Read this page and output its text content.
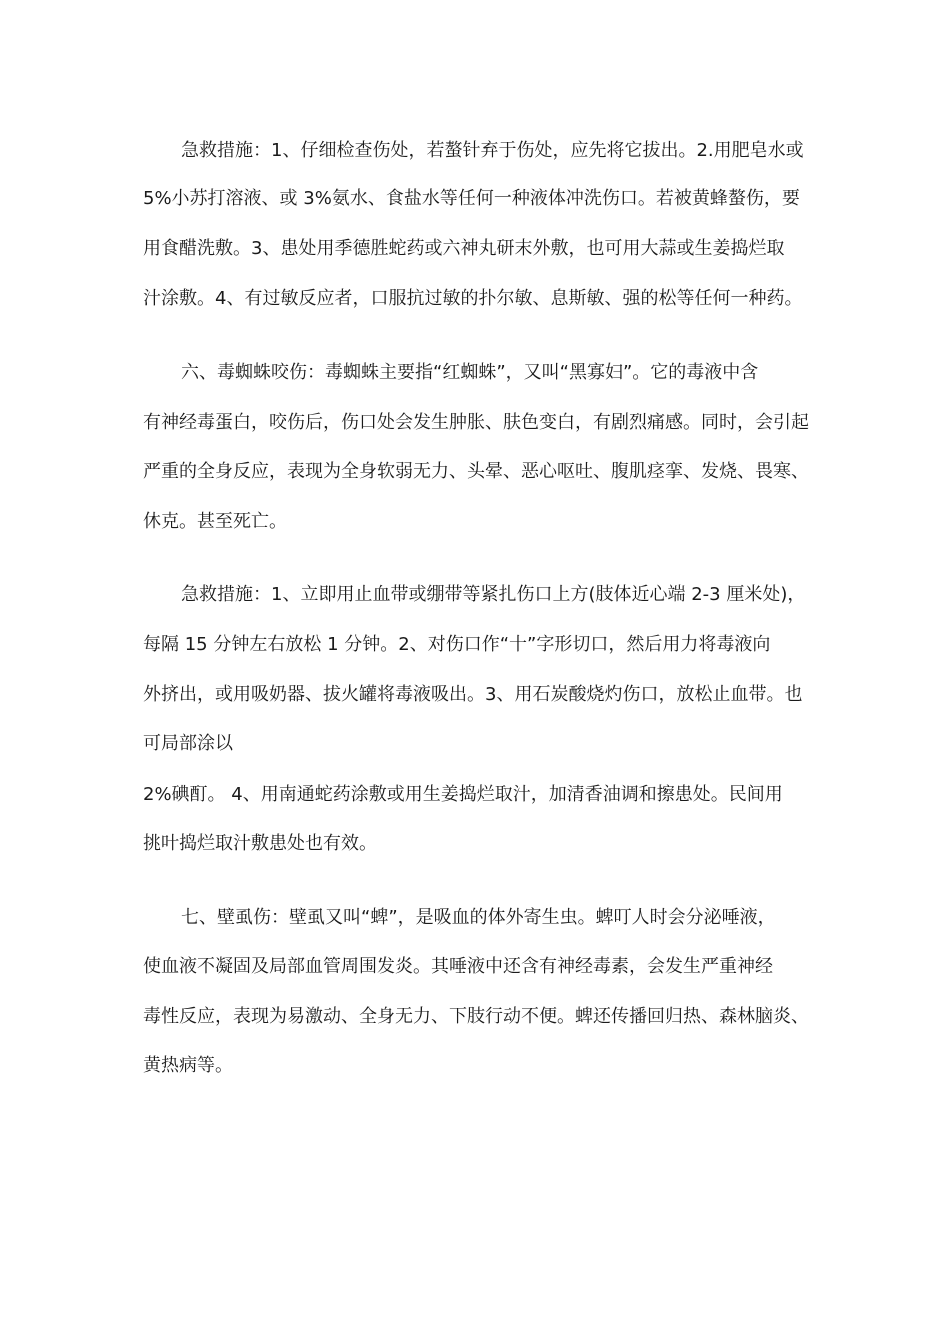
急救措施：1、仔细检查伤处，若螯针弃于伤处，应先将它拔出。2.用肥皂水或
5%小苏打溶液、或 3%氨水、食盐水等任何一种液体冲洗伤口。若被黄蜂螯伤，要
用食醋洗敷。3、患处用季德胜蛇药或六神丸研末外敷，也可用大蒜或生姜捣烂取
汁涂敷。4、有过敏反应者，口服抗过敏的扑尔敏、息斯敏、强的松等任何一种药。
六、毒蜘蛛咬伤：毒蜘蛛主要指“红蜘蛛”，又叫“黑寡妇”。它的毒液中含
有神经毒蛋白，咬伤后，伤口处会发生肿胀、肤色变白，有剧烈痛感。同时，会引起
严重的全身反应，表现为全身软弱无力、头晕、恶心呕吐、腹肌痉挛、发烧、畏寒、
休克。甚至死亡。
急救措施：1、立即用止血带或绷带等紧扎伤口上方(肢体近心端 2-3 厘米处)，
每隔 15 分钟左右放松 1 分钟。2、对伤口作“十”字形切口，然后用力将毒液向
外挤出，或用吸奶器、拔火罐将毒液吸出。3、用石炭酸烧灼伤口，放松止血带。也
可局部涂以
2%碘酊。 4、用南通蛇药涂敷或用生姜捣烂取汁，加清香油调和擦患处。民间用
挑叶捣烂取汁敷患处也有效。
七、壁虱伤：壁虱又叫“蜱”，是吸血的体外寄生虫。蜱叮人时会分泌唾液，
使血液不凝固及局部血管周围发炎。其唾液中还含有神经毒素，会发生严重神经
毒性反应，表现为易激动、全身无力、下肢行动不便。蜱还传播回归热、森林脑炎、
黄热病等。
